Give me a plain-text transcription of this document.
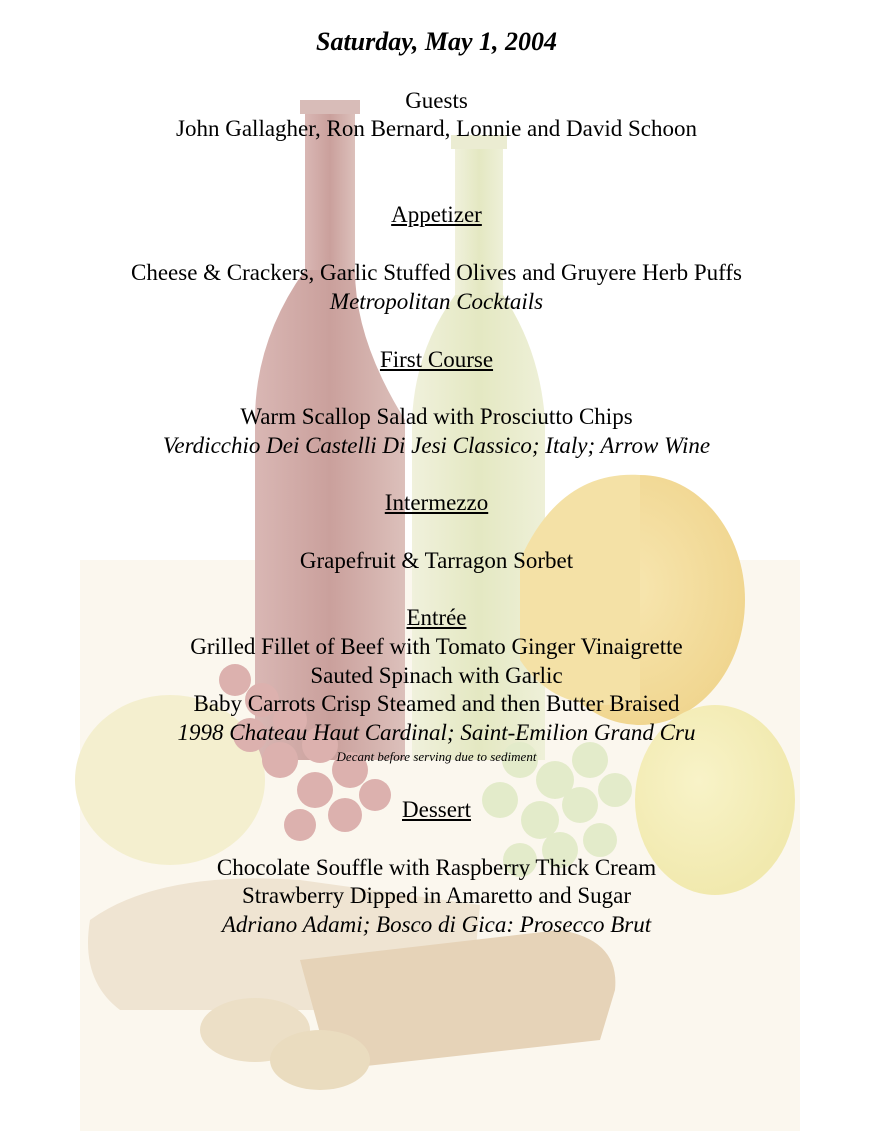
Saturday, May 1, 2004
Guests
John Gallagher, Ron Bernard, Lonnie and David Schoon
Appetizer
Cheese & Crackers, Garlic Stuffed Olives and Gruyere Herb Puffs
Metropolitan Cocktails
First Course
Warm Scallop Salad with Prosciutto Chips
Verdicchio Dei Castelli Di Jesi Classico; Italy; Arrow Wine
Intermezzo
Grapefruit & Tarragon Sorbet
Entrée
Grilled Fillet of Beef with Tomato Ginger Vinaigrette
Sauted Spinach with Garlic
Baby Carrots Crisp Steamed and then Butter Braised
1998 Chateau Haut Cardinal; Saint-Emilion Grand Cru
Decant before serving due to sediment
Dessert
Chocolate Souffle with Raspberry Thick Cream
Strawberry Dipped in Amaretto and Sugar
Adriano Adami; Bosco di Gica: Prosecco Brut
